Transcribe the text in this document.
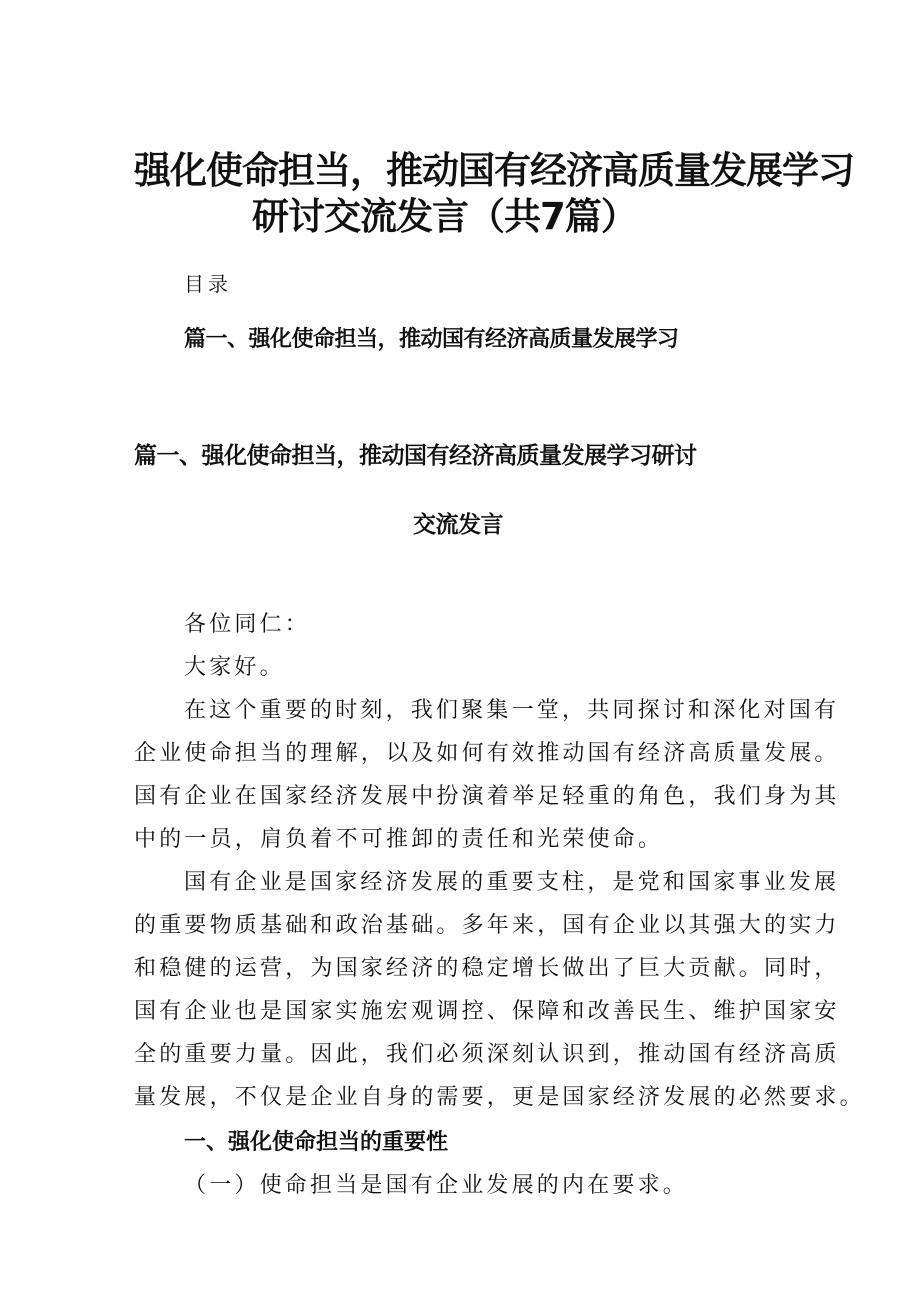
强化使命担当，推动国有经济高质量发展学习
研讨交流发言（共7篇）
目录
篇一、强化使命担当，推动国有经济高质量发展学习
篇一、强化使命担当，推动国有经济高质量发展学习研讨
交流发言
各位同仁：
大家好。
在这个重要的时刻，我们聚集一堂，共同探讨和深化对国有
企业使命担当的理解，以及如何有效推动国有经济高质量发展。
国有企业在国家经济发展中扮演着举足轻重的角色，我们身为其
中的一员，肩负着不可推卸的责任和光荣使命。
国有企业是国家经济发展的重要支柱，是党和国家事业发展
的重要物质基础和政治基础。多年来，国有企业以其强大的实力
和稳健的运营，为国家经济的稳定增长做出了巨大贡献。同时，
国有企业也是国家实施宏观调控、保障和改善民生、维护国家安
全的重要力量。因此，我们必须深刻认识到，推动国有经济高质
量发展，不仅是企业自身的需要，更是国家经济发展的必然要求。
一、强化使命担当的重要性
（一）使命担当是国有企业发展的内在要求。
